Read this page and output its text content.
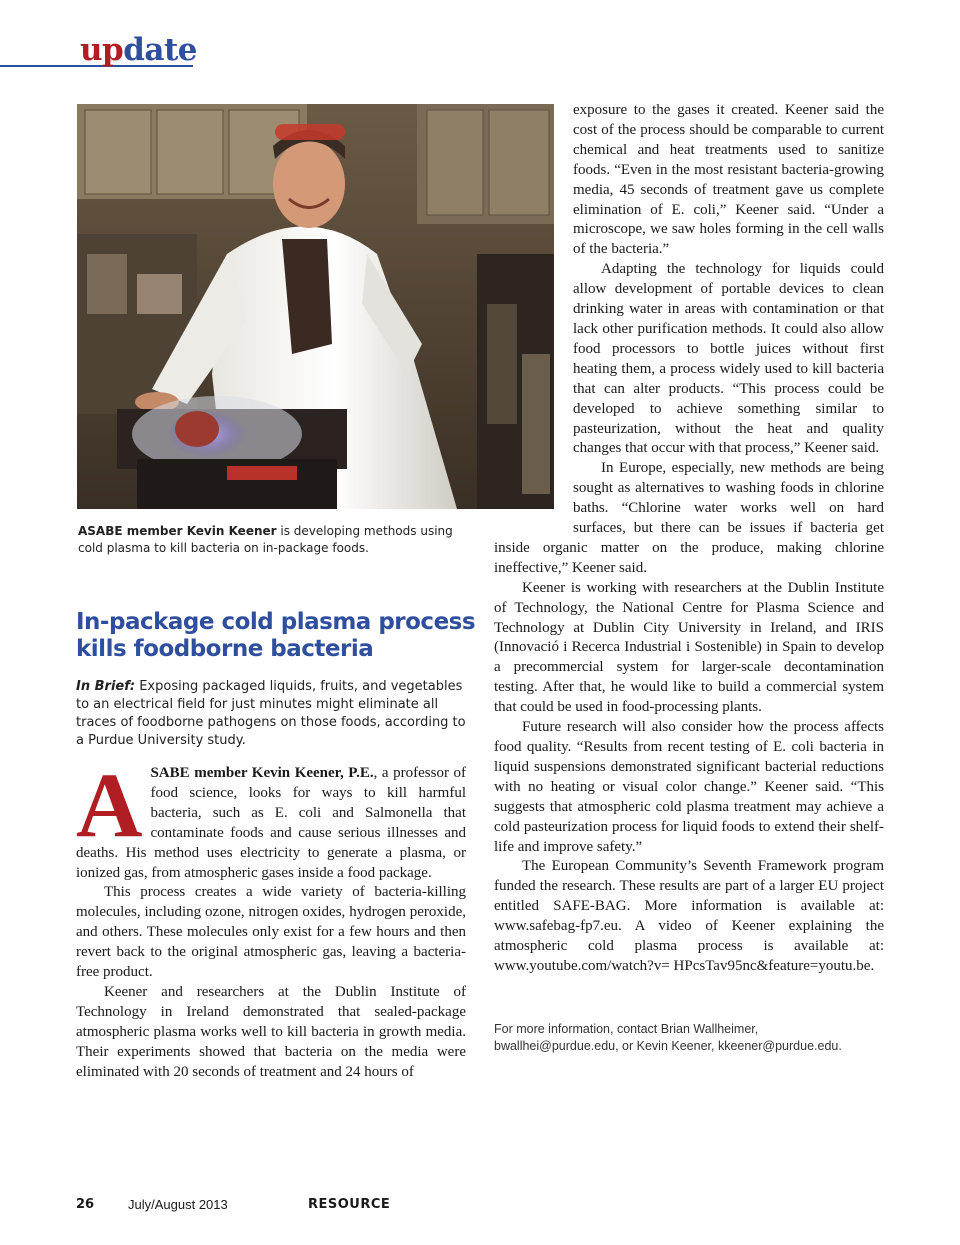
update
ASABE member Kevin Keener is developing methods using cold plasma to kill bacteria on in-package foods.
In-package cold plasma process
kills foodborne bacteria
In Brief: Exposing packaged liquids, fruits, and vegetables to an electrical field for just minutes might eliminate all traces of foodborne pathogens on those foods, according to a Purdue University study.

ASABE member Kevin Keener, P.E., a professor of food science, looks for ways to kill harmful bacteria, such as E. coli and Salmonella that contaminate foods and cause serious illnesses and deaths. His method uses electricity to generate a plasma, or ionized gas, from atmospheric gases inside a food package.

This process creates a wide variety of bacteria-killing molecules, including ozone, nitrogen oxides, hydrogen peroxide, and others. These molecules only exist for a few hours and then revert back to the original atmospheric gas, leaving a bacteria-free product.

Keener and researchers at the Dublin Institute of Technology in Ireland demonstrated that sealed-package atmospheric plasma works well to kill bacteria in growth media. Their experiments showed that bacteria on the media were eliminated with 20 seconds of treatment and 24 hours of

exposure to the gases it created. Keener said the cost of the process should be comparable to current chemical and heat treatments used to sanitize foods. “Even in the most resistant bacteria-growing media, 45 seconds of treatment gave us complete elimination of E. coli,” Keener said. “Under a microscope, we saw holes forming in the cell walls of the bacteria.”

Adapting the technology for liquids could allow development of portable devices to clean drinking water in areas with contamination or that lack other purification methods. It could also allow food processors to bottle juices without first heating them, a process widely used to kill bacteria that can alter products. “This process could be developed to achieve something similar to pasteurization, without the heat and quality changes that occur with that process,” Keener said.

In Europe, especially, new methods are being sought as alternatives to washing foods in chlorine baths. “Chlorine water works well on hard surfaces, but there can be issues if bacteria get inside organic matter on the produce, making chlorine ineffective,” Keener said.

Keener is working with researchers at the Dublin Institute of Technology, the National Centre for Plasma Science and Technology at Dublin City University in Ireland, and IRIS (Innovació i Recerca Industrial i Sostenible) in Spain to develop a precommercial system for larger-scale decontamination testing. After that, he would like to build a commercial system that could be used in food-processing plants.

Future research will also consider how the process affects food quality. “Results from recent testing of E. coli bacteria in liquid suspensions demonstrated significant bacterial reductions with no heating or visual color change.” Keener said. “This suggests that atmospheric cold plasma treatment may achieve a cold pasteurization process for liquid foods to extend their shelf-life and improve safety.”

The European Community’s Seventh Framework program funded the research. These results are part of a larger EU project entitled SAFE-BAG. More information is available at: www.safebag-fp7.eu. A video of Keener explaining the atmospheric cold plasma process is available at: www.youtube.com/watch?v= HPcsTav95nc&feature=youtu.be.

For more information, contact Brian Wallheimer, bwallhei@purdue.edu, or Kevin Keener, kkeener@purdue.edu.
26	July/August 2013	RESOURCE
